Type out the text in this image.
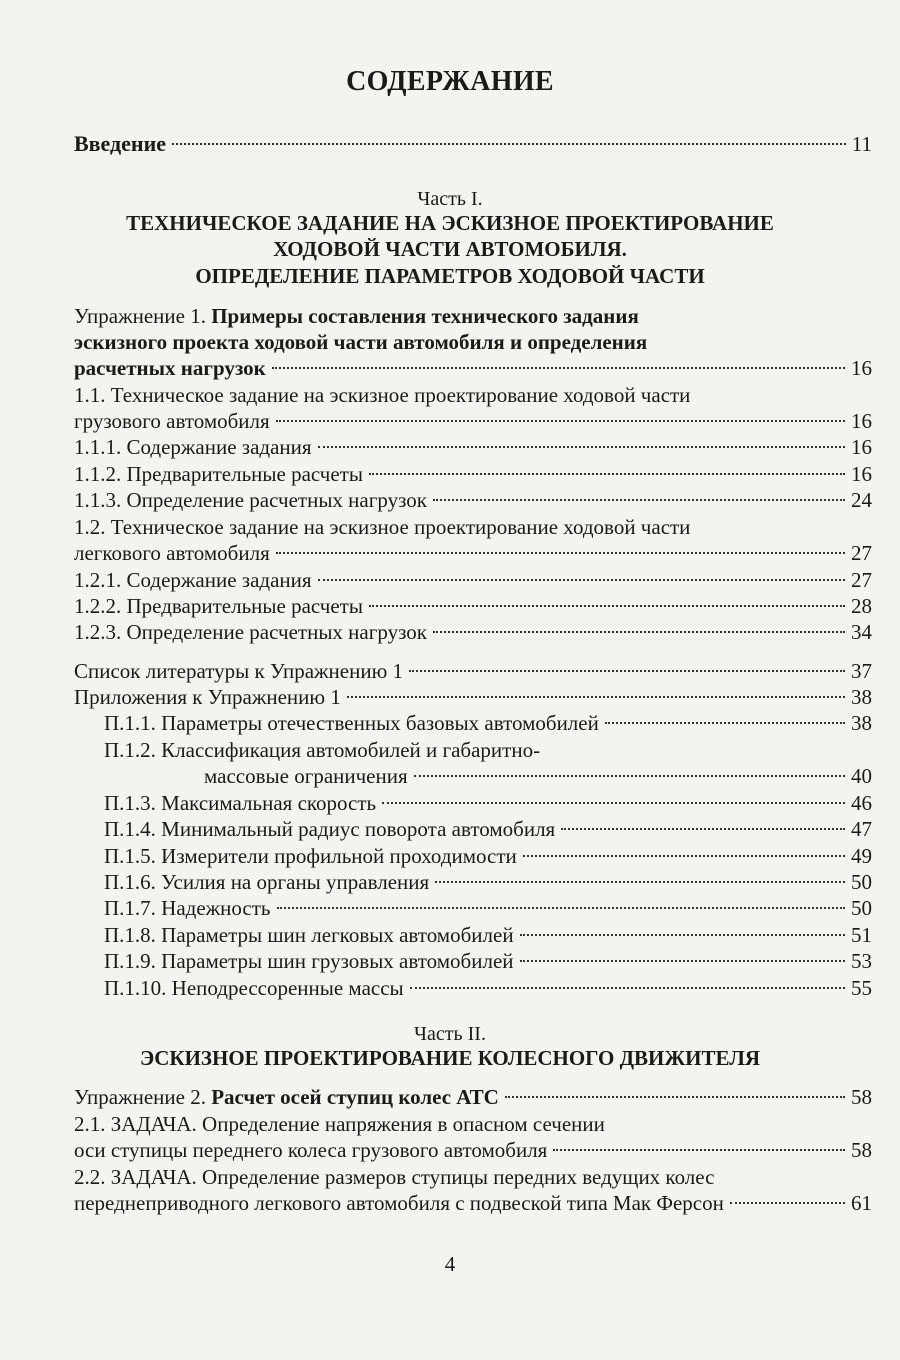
СОДЕРЖАНИЕ
Введение	11
Часть I.
ТЕХНИЧЕСКОЕ ЗАДАНИЕ НА ЭСКИЗНОЕ ПРОЕКТИРОВАНИЕ
ХОДОВОЙ ЧАСТИ АВТОМОБИЛЯ.
ОПРЕДЕЛЕНИЕ ПАРАМЕТРОВ ХОДОВОЙ ЧАСТИ
Упражнение 1. Примеры составления технического задания
эскизного проекта ходовой части автомобиля и определения
расчетных нагрузок	16
1.1. Техническое задание на эскизное проектирование ходовой части
грузового автомобиля	16
1.1.1. Содержание задания	16
1.1.2. Предварительные расчеты	16
1.1.3. Определение расчетных нагрузок	24
1.2. Техническое задание на эскизное проектирование ходовой части
легкового автомобиля	27
1.2.1. Содержание задания	27
1.2.2. Предварительные расчеты	28
1.2.3. Определение расчетных нагрузок	34
Список литературы к Упражнению 1	37
Приложения к Упражнению 1	38
П.1.1. Параметры отечественных базовых автомобилей	38
П.1.2. Классификация автомобилей и габаритно-
массовые ограничения	40
П.1.3. Максимальная скорость	46
П.1.4. Минимальный радиус поворота автомобиля	47
П.1.5. Измерители профильной проходимости	49
П.1.6. Усилия на органы управления	50
П.1.7. Надежность	50
П.1.8. Параметры шин легковых автомобилей	51
П.1.9. Параметры шин грузовых автомобилей	53
П.1.10. Неподрессоренные массы	55
Часть II.
ЭСКИЗНОЕ ПРОЕКТИРОВАНИЕ КОЛЕСНОГО ДВИЖИТЕЛЯ
Упражнение 2. Расчет осей ступиц колес АТС	58
2.1. ЗАДАЧА. Определение напряжения в опасном сечении
оси ступицы переднего колеса грузового автомобиля	58
2.2. ЗАДАЧА. Определение размеров ступицы передних ведущих колес
переднеприводного легкового автомобиля с подвеской типа Мак Ферсон	61
4
